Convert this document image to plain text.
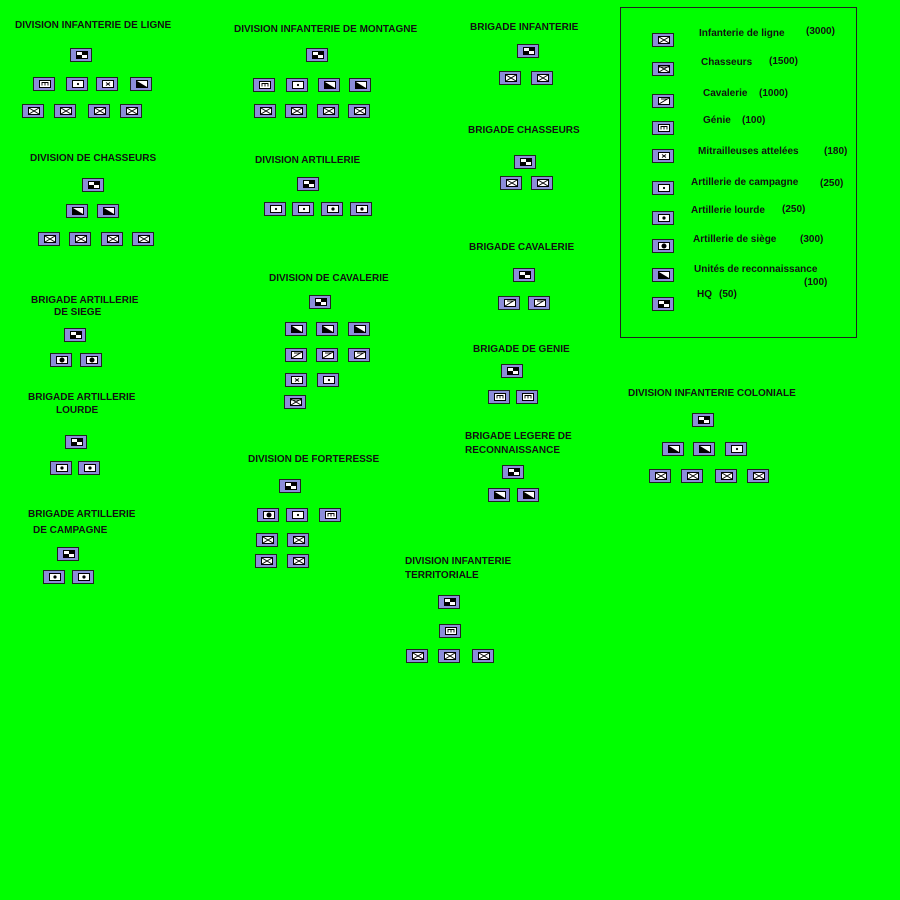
Infanterie de ligne (3000)
Chasseurs (1500)
Cavalerie (1000)
Génie (100)
Mitrailleuses attelées	(180)
Artillerie de campagne (250)
Artillerie lourde (250)
Artillerie de siège (300)
Unités de reconnaissance
(100)
HQ (50)
DIVISION INFANTERIE DE LIGNE	DIVISION INFANTERIE DE MONTAGNE	BRIGADE INFANTERIE
DIVISION DE CHASSEURS	DIVISION ARTILLERIE
BRIGADE CHASSEURS
BRIGADE ARTILLERIE
DE SIEGE
DIVISION DE CAVALERIE
BRIGADE CAVALERIE
BRIGADE ARTILLERIE
LOURDE
BRIGADE DE GENIE
DIVISION INFANTERIE COLONIALE
BRIGADE LEGERE DE
RECONNAISSANCE
DIVISION DE FORTERESSE
BRIGADE ARTILLERIE
DE CAMPAGNE
DIVISION INFANTERIE
TERRITORIALE
